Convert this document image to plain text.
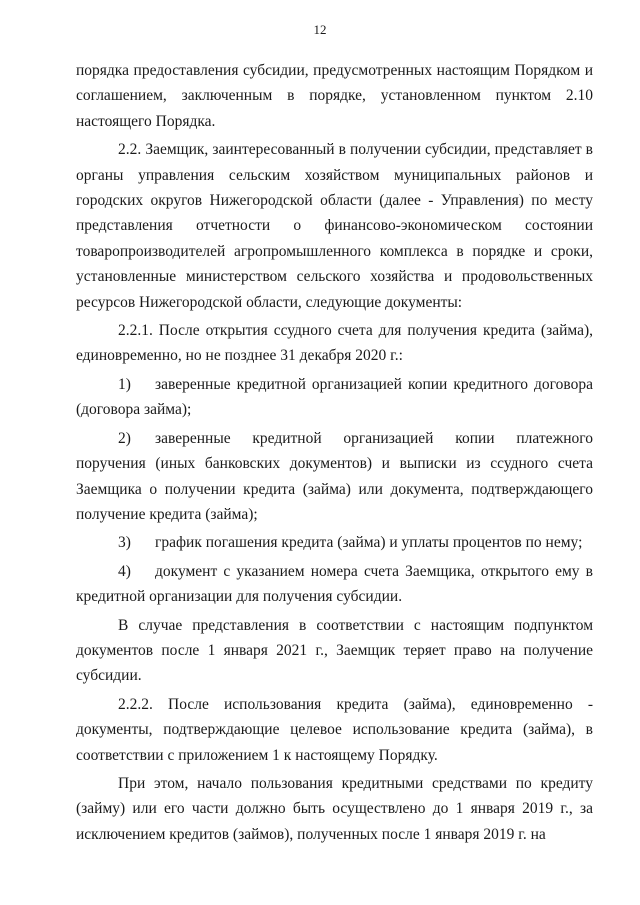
12

порядка предоставления субсидии, предусмотренных настоящим Порядком и соглашением, заключенным в порядке, установленном пунктом 2.10 настоящего Порядка.

2.2. Заемщик, заинтересованный в получении субсидии, представляет в органы управления сельским хозяйством муниципальных районов и городских округов Нижегородской области (далее - Управления) по месту представления отчетности о финансово-экономическом состоянии товаропроизводителей агропромышленного комплекса в порядке и сроки, установленные министерством сельского хозяйства и продовольственных ресурсов Нижегородской области, следующие документы:

2.2.1. После открытия ссудного счета для получения кредита (займа), единовременно, но не позднее 31 декабря 2020 г.:

1) заверенные кредитной организацией копии кредитного договора (договора займа);

2) заверенные кредитной организацией копии платежного поручения (иных банковских документов) и выписки из ссудного счета Заемщика о получении кредита (займа) или документа, подтверждающего получение кредита (займа);

3) график погашения кредита (займа) и уплаты процентов по нему;

4) документ с указанием номера счета Заемщика, открытого ему в кредитной организации для получения субсидии.

В случае представления в соответствии с настоящим подпунктом документов после 1 января 2021 г., Заемщик теряет право на получение субсидии.

2.2.2. После использования кредита (займа), единовременно - документы, подтверждающие целевое использование кредита (займа), в соответствии с приложением 1 к настоящему Порядку.

При этом, начало пользования кредитными средствами по кредиту (займу) или его части должно быть осуществлено до 1 января 2019 г., за исключением кредитов (займов), полученных после 1 января 2019 г. на
